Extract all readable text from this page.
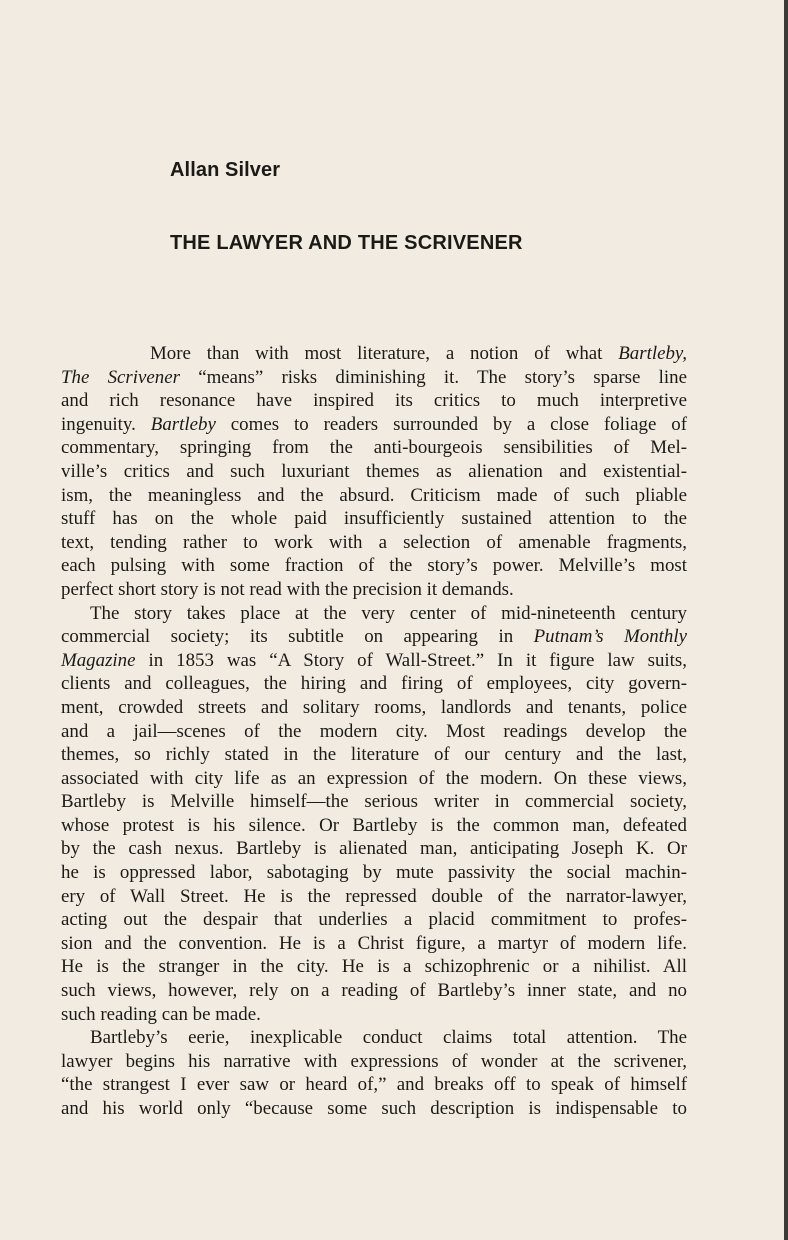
Allan Silver
THE LAWYER AND THE SCRIVENER
More than with most literature, a notion of what Bartleby,
The Scrivener “means” risks diminishing it. The story’s sparse line
and rich resonance have inspired its critics to much interpretive
ingenuity. Bartleby comes to readers surrounded by a close foliage of
commentary, springing from the anti-bourgeois sensibilities of Mel-
ville’s critics and such luxuriant themes as alienation and existential-
ism, the meaningless and the absurd. Criticism made of such pliable
stuff has on the whole paid insufficiently sustained attention to the
text, tending rather to work with a selection of amenable fragments,
each pulsing with some fraction of the story’s power. Melville’s most
perfect short story is not read with the precision it demands.
The story takes place at the very center of mid-nineteenth century
commercial society; its subtitle on appearing in Putnam’s Monthly
Magazine in 1853 was “A Story of Wall-Street.” In it figure law suits,
clients and colleagues, the hiring and firing of employees, city govern-
ment, crowded streets and solitary rooms, landlords and tenants, police
and a jail—scenes of the modern city. Most readings develop the
themes, so richly stated in the literature of our century and the last,
associated with city life as an expression of the modern. On these views,
Bartleby is Melville himself—the serious writer in commercial society,
whose protest is his silence. Or Bartleby is the common man, defeated
by the cash nexus. Bartleby is alienated man, anticipating Joseph K. Or
he is oppressed labor, sabotaging by mute passivity the social machin-
ery of Wall Street. He is the repressed double of the narrator-lawyer,
acting out the despair that underlies a placid commitment to profes-
sion and the convention. He is a Christ figure, a martyr of modern life.
He is the stranger in the city. He is a schizophrenic or a nihilist. All
such views, however, rely on a reading of Bartleby’s inner state, and no
such reading can be made.
Bartleby’s eerie, inexplicable conduct claims total attention. The
lawyer begins his narrative with expressions of wonder at the scrivener,
“the strangest I ever saw or heard of,” and breaks off to speak of himself
and his world only “because some such description is indispensable to
